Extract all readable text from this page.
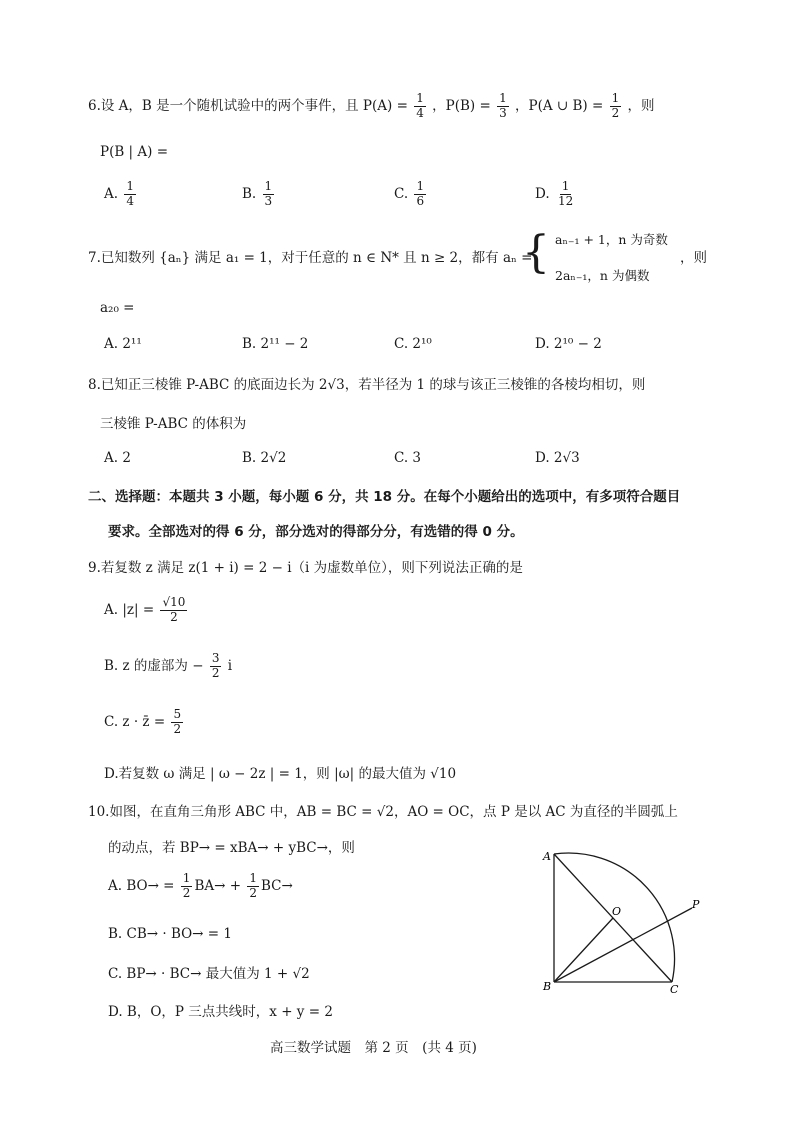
6.设 A，B 是一个随机试验中的两个事件，且 $P(A) = \frac{1}{4}$ ，$P(B) = \frac{1}{3}$ ，P(A ∪ $B) = \frac{1}{2}$ ，则
P(B | A) =
A. $\frac{1}{4}$	B. $\frac{1}{3}$	C. $\frac{1}{6}$	D. $\frac{1}{12}$
7.已知数列 {aₙ} 满足 a₁ = 1，对于任意的 n ∈ N* 且 n ≥ 2，都有 aₙ =
{ aₙ₋₁ + 1，n 为奇数
2aₙ₋₁，n 为偶数
，则
a₂₀ =
A. 2¹¹	B. 2¹¹ − 2	C. 2¹⁰	D. 2¹⁰ − 2
8.已知正三棱锥 P-ABC 的底面边长为 2√3，若半径为 1 的球与该正三棱锥的各棱均相切，则
三棱锥 P-ABC 的体积为
A. 2	B. 2√2	C. 3	D. 2√3
二、选择题：本题共 3 小题，每小题 6 分，共 18 分。在每个小题给出的选项中，有多项符合题目
要求。全部选对的得 6 分，部分选对的得部分分，有选错的得 0 分。
9.若复数 z 满足 z(1 + i) = 2 − i（i 为虚数单位），则下列说法正确的是
A. $|z| = \frac{√10}{2}$
B. z 的虚部为 − $\frac{3}{2}$ i
C. z · z̄ = $\frac{5}{2}$
D.若复数 ω 满足 | ω − 2z | = 1，则 |ω| 的最大值为 √10
10.如图，在直角三角形 ABC 中，AB = BC = √2，AO = OC，点 P 是以 AC 为直径的半圆弧上
的动点，若 BP→ = xBA→ + yBC→，则
A. $BO\to = \frac{1}{2} BA\to + \frac{1}{2} BC\to$
B. CB→ · BO→ = 1
C. BP→ · BC→ 最大值为 1 + √2
D. B，O，P 三点共线时，x + y = 2
A
B	C
O
P
高三数学试题　第 2 页　(共 4 页)
